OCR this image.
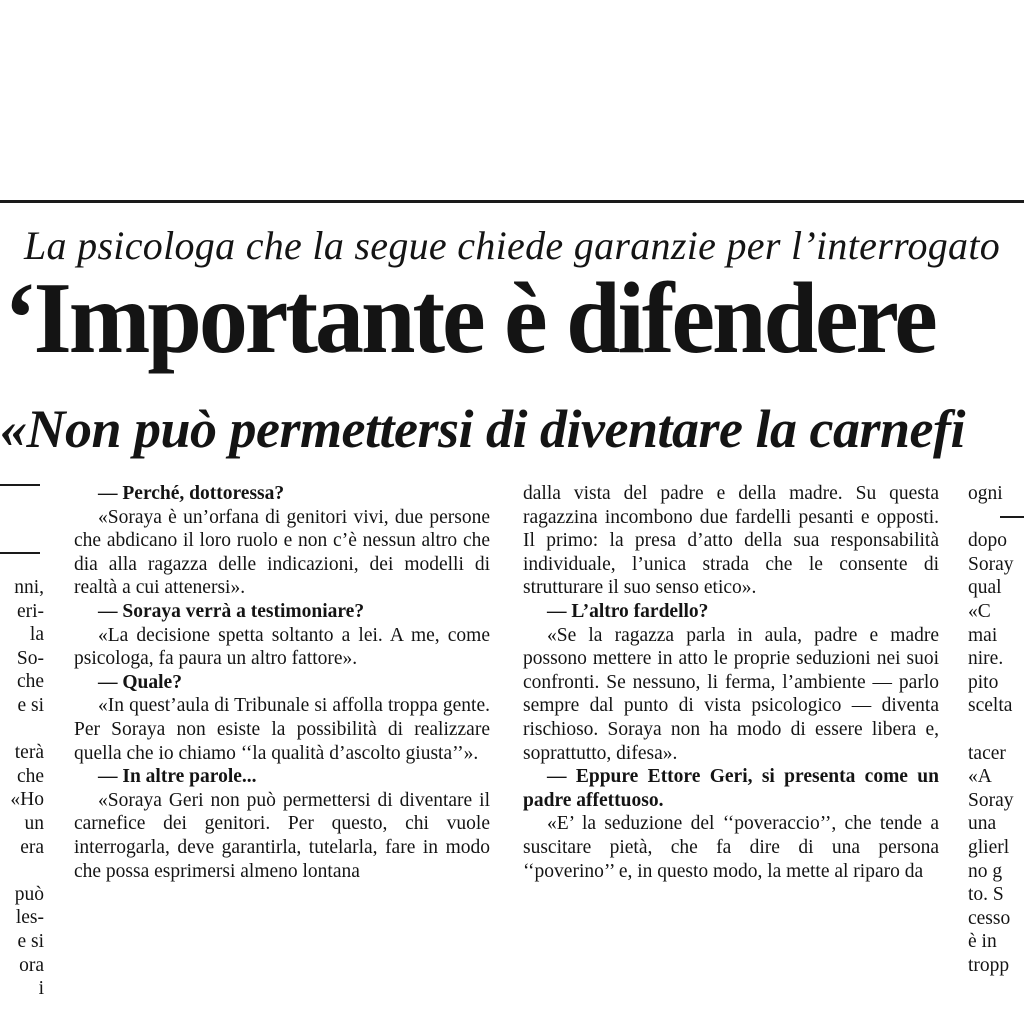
La psicologa che la segue chiede garanzie per l’interrogato
‘Importante è difendere
«Non può permettersi di diventare la carnefi
nni,
eri-
la
So-
che
e si

terà
che
«Ho
un
era

può
les-
e si
ora
i

— Perché, dottoressa?

«Soraya è un’orfana di genitori vivi, due persone che abdicano il loro ruolo e non c’è nessun altro che dia alla ragazza delle indicazioni, dei modelli di realtà a cui attenersi».

— Soraya verrà a testimoniare?

«La decisione spetta soltanto a lei. A me, come psicologa, fa paura un altro fattore».

— Quale?

«In quest’aula di Tribunale si affolla troppa gente. Per Soraya non esiste la possibilità di realizzare quella che io chiamo ‘‘la qualità d’ascolto giusta’’».

— In altre parole...

«Soraya Geri non può permettersi di diventare il carnefice dei genitori. Per questo, chi vuole interrogarla, deve garantirla, tutelarla, fare in modo che possa esprimersi almeno lontana

dalla vista del padre e della madre. Su questa ragazzina incombono due fardelli pesanti e opposti. Il primo: la presa d’atto della sua responsabilità individuale, l’unica strada che le consente di strutturare il suo senso etico».

— L’altro fardello?

«Se la ragazza parla in aula, padre e madre possono mettere in atto le proprie seduzioni nei suoi confronti. Se nessuno, li ferma, l’ambiente — parlo sempre dal punto di vista psicologico — diventa rischioso. Soraya non ha modo di essere libera e, soprattutto, difesa».

— Eppure Ettore Geri, si presenta come un padre affettuoso.

«E’ la seduzione del ‘‘poveraccio’’, che tende a suscitare pietà, che fa dire di una persona ‘‘poverino’’ e, in questo modo, la mette al riparo da

ogni

dopo
Soray
qual
«C
mai
nire.
pito
scelta

tacer
«A
Soray
una
glierl
no g
to. S
cesso
è in
tropp
